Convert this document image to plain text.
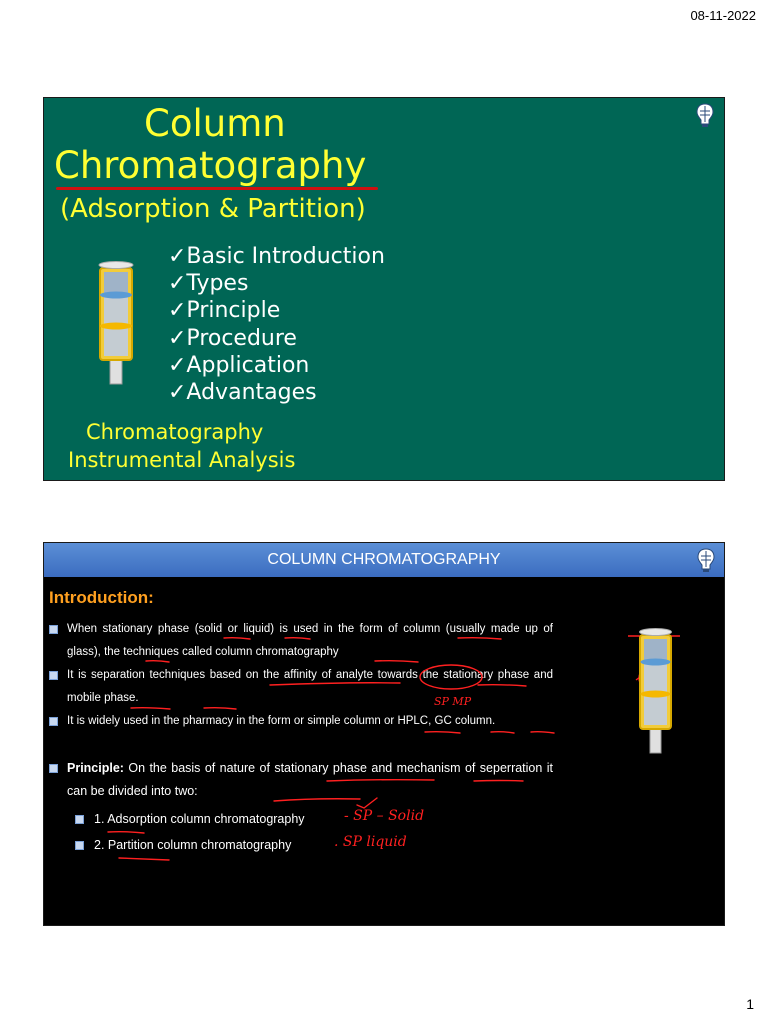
08-11-2022
Column
Chromatography
(Adsorption & Partition)
✓Basic Introduction
✓Types
✓Principle
✓Procedure
✓Application
✓Advantages
Chromatography
Instrumental Analysis
COLUMN CHROMATOGRAPHY
Introduction:
When stationary phase (solid or liquid) is used in the form of column (usually made up of glass), the techniques called column chromatography
It is separation techniques based on the affinity of analyte towards the stationary phase and mobile phase.
It is widely used in the pharmacy in the form or simple column or HPLC, GC column.
Principle: On the basis of nature of stationary phase and mechanism of seperration it can be divided into two:
1. Adsorption column chromatography
2. Partition column chromatography
SP MP
- SP – Solid
. SP liquid
1
